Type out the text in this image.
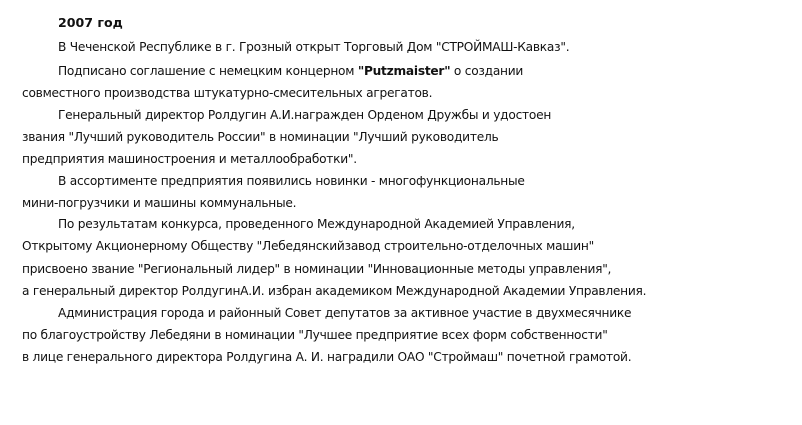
2007 год
В Чеченской Республике в г. Грозный открыт Торговый Дом "СТРОЙМАШ-Кавказ".
Подписано соглашение с немецким концерном "Putzmaister" о создании
совместного производства штукатурно-смесительных агрегатов.
Генеральный директор Ролдугин А.И.награжден Орденом Дружбы и удостоен
звания "Лучший руководитель России" в номинации "Лучший руководитель
предприятия машиностроения и металлообработки".
В ассортименте предприятия появились новинки - многофункциональные
мини-погрузчики и машины коммунальные.
По результатам конкурса, проведенного Международной Академией Управления,
Открытому Акционерному Обществу "Лебедянскийзавод строительно-отделочных машин"
присвоено звание "Региональный лидер" в номинации "Инновационные методы управления",
а генеральный директор РолдугинА.И. избран академиком Международной Академии Управления.
Администрация города и районный Совет депутатов за активное участие в двухмесячнике
по благоустройству Лебедяни в номинации "Лучшее предприятие всех форм собственности"
в лице генерального директора Ролдугина А. И. наградили ОАО "Строймаш" почетной грамотой.
